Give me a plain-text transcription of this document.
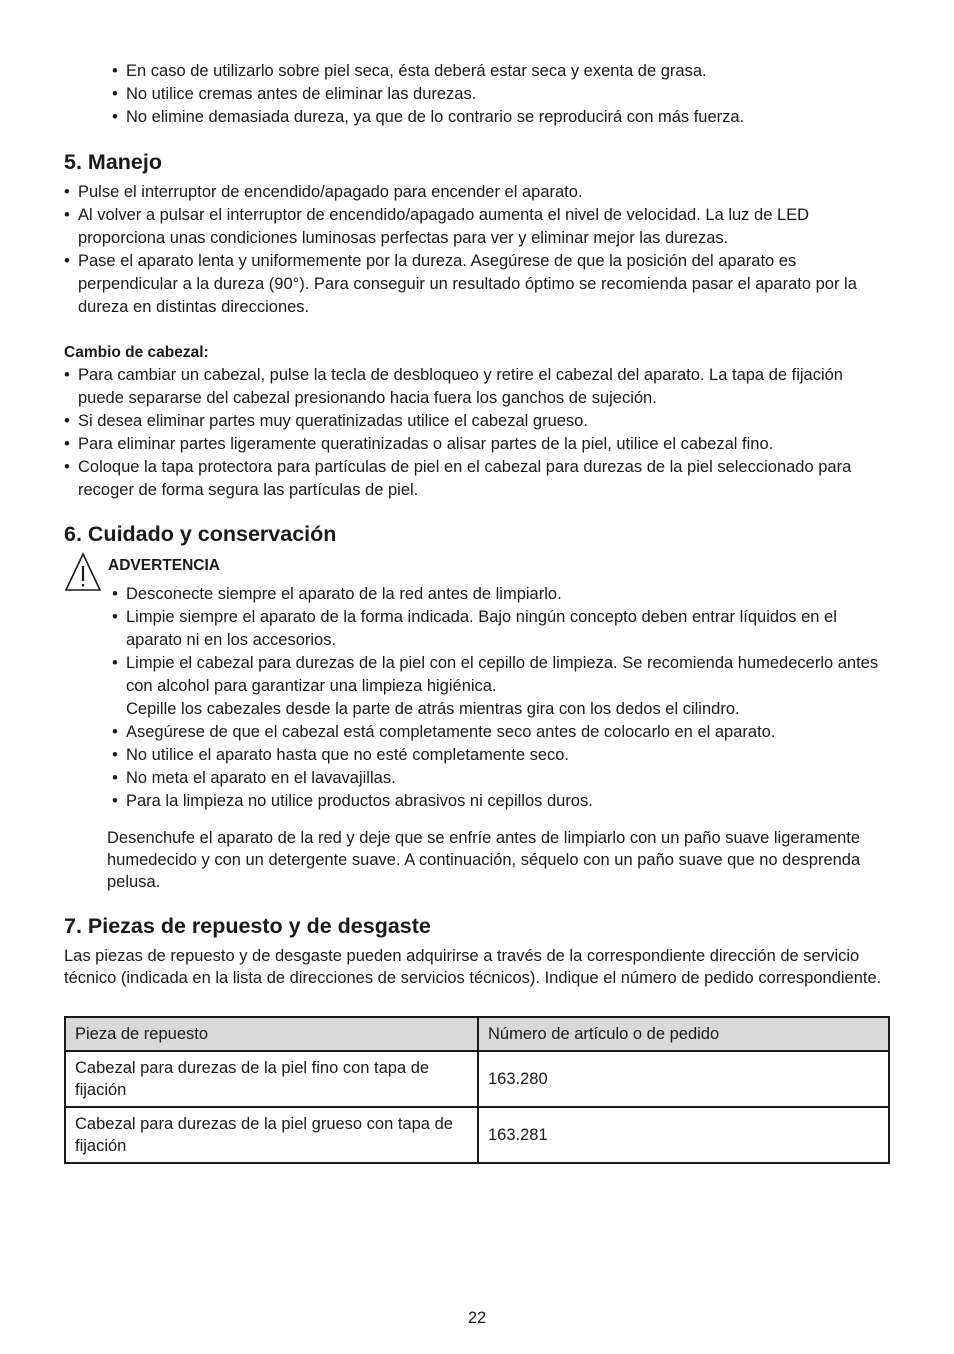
• En caso de utilizarlo sobre piel seca, ésta deberá estar seca y exenta de grasa.
• No utilice cremas antes de eliminar las durezas.
• No elimine demasiada dureza, ya que de lo contrario se reproducirá con más fuerza.
5. Manejo
• Pulse el interruptor de encendido/apagado para encender el aparato.
• Al volver a pulsar el interruptor de encendido/apagado aumenta el nivel de velocidad. La luz de LED proporciona unas condiciones luminosas perfectas para ver y eliminar mejor las durezas.
• Pase el aparato lenta y uniformemente por la dureza. Asegúrese de que la posición del aparato es perpendicular a la dureza (90°). Para conseguir un resultado óptimo se recomienda pasar el aparato por la dureza en distintas direcciones.
Cambio de cabezal:
• Para cambiar un cabezal, pulse la tecla de desbloqueo y retire el cabezal del aparato. La tapa de fijación puede separarse del cabezal presionando hacia fuera los ganchos de sujeción.
• Si desea eliminar partes muy queratinizadas utilice el cabezal grueso.
• Para eliminar partes ligeramente queratinizadas o alisar partes de la piel, utilice el cabezal fino.
• Coloque la tapa protectora para partículas de piel en el cabezal para durezas de la piel seleccionado para recoger de forma segura las partículas de piel.
6. Cuidado y conservación
ADVERTENCIA
• Desconecte siempre el aparato de la red antes de limpiarlo.
• Limpie siempre el aparato de la forma indicada. Bajo ningún concepto deben entrar líquidos en el aparato ni en los accesorios.
• Limpie el cabezal para durezas de la piel con el cepillo de limpieza. Se recomienda humedecerlo antes con alcohol para garantizar una limpieza higiénica.
Cepille los cabezales desde la parte de atrás mientras gira con los dedos el cilindro.
• Asegúrese de que el cabezal está completamente seco antes de colocarlo en el aparato.
• No utilice el aparato hasta que no esté completamente seco.
• No meta el aparato en el lavavajillas.
• Para la limpieza no utilice productos abrasivos ni cepillos duros.

Desenchufe el aparato de la red y deje que se enfríe antes de limpiarlo con un paño suave ligeramente humedecido y con un detergente suave. A continuación, séquelo con un paño suave que no desprenda pelusa.

7. Piezas de repuesto y de desgaste

Las piezas de repuesto y de desgaste pueden adquirirse a través de la correspondiente dirección de servicio técnico (indicada en la lista de direcciones de servicios técnicos). Indique el número de pedido correspondiente.

Pieza de repuesto	Número de artículo o de pedido
Cabezal para durezas de la piel fino con tapa de fijación	163.280
Cabezal para durezas de la piel grueso con tapa de fijación	163.281
22
